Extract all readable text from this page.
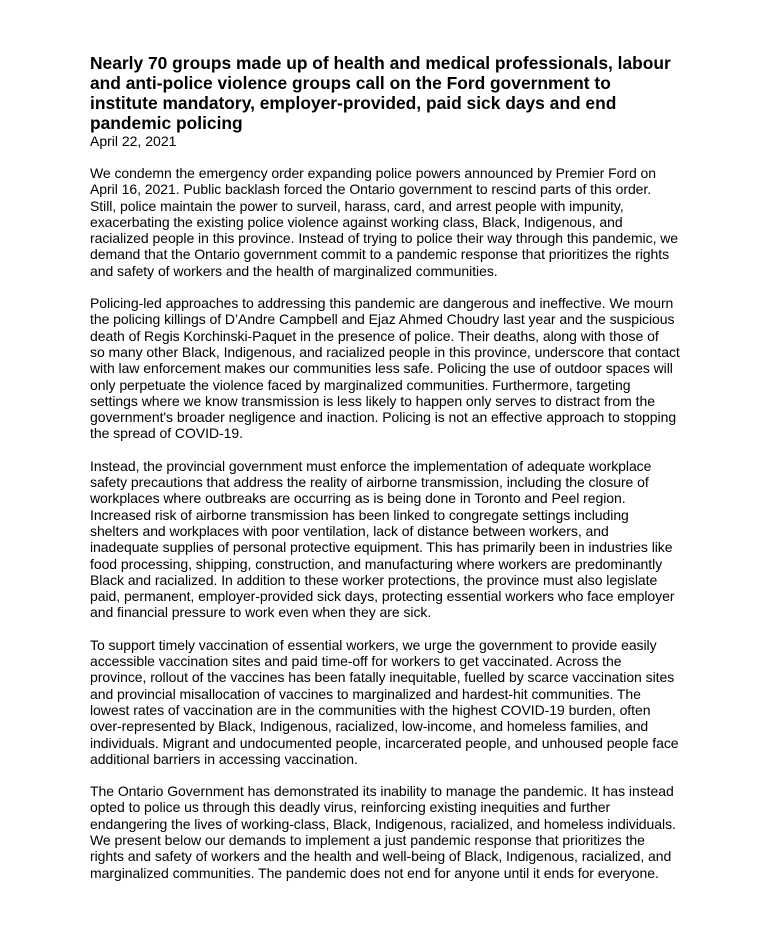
Nearly 70 groups made up of health and medical professionals, labour
and anti-police violence groups call on the Ford government to
institute mandatory, employer-provided, paid sick days and end
pandemic policing
April 22, 2021

We condemn the emergency order expanding police powers announced by Premier Ford on
April 16, 2021. Public backlash forced the Ontario government to rescind parts of this order.
Still, police maintain the power to surveil, harass, card, and arrest people with impunity,
exacerbating the existing police violence against working class, Black, Indigenous, and
racialized people in this province. Instead of trying to police their way through this pandemic, we
demand that the Ontario government commit to a pandemic response that prioritizes the rights
and safety of workers and the health of marginalized communities.

Policing-led approaches to addressing this pandemic are dangerous and ineffective. We mourn
the policing killings of D’Andre Campbell and Ejaz Ahmed Choudry last year and the suspicious
death of Regis Korchinski-Paquet in the presence of police. Their deaths, along with those of
so many other Black, Indigenous, and racialized people in this province, underscore that contact
with law enforcement makes our communities less safe. Policing the use of outdoor spaces will
only perpetuate the violence faced by marginalized communities. Furthermore, targeting
settings where we know transmission is less likely to happen only serves to distract from the
government's broader negligence and inaction. Policing is not an effective approach to stopping
the spread of COVID-19.

Instead, the provincial government must enforce the implementation of adequate workplace
safety precautions that address the reality of airborne transmission, including the closure of
workplaces where outbreaks are occurring as is being done in Toronto and Peel region.
Increased risk of airborne transmission has been linked to congregate settings including
shelters and workplaces with poor ventilation, lack of distance between workers, and
inadequate supplies of personal protective equipment. This has primarily been in industries like
food processing, shipping, construction, and manufacturing where workers are predominantly
Black and racialized. In addition to these worker protections, the province must also legislate
paid, permanent, employer-provided sick days, protecting essential workers who face employer
and financial pressure to work even when they are sick.

To support timely vaccination of essential workers, we urge the government to provide easily
accessible vaccination sites and paid time-off for workers to get vaccinated. Across the
province, rollout of the vaccines has been fatally inequitable, fuelled by scarce vaccination sites
and provincial misallocation of vaccines to marginalized and hardest-hit communities. The
lowest rates of vaccination are in the communities with the highest COVID-19 burden, often
over-represented by Black, Indigenous, racialized, low-income, and homeless families, and
individuals. Migrant and undocumented people, incarcerated people, and unhoused people face
additional barriers in accessing vaccination.

The Ontario Government has demonstrated its inability to manage the pandemic. It has instead
opted to police us through this deadly virus, reinforcing existing inequities and further
endangering the lives of working-class, Black, Indigenous, racialized, and homeless individuals.
We present below our demands to implement a just pandemic response that prioritizes the
rights and safety of workers and the health and well-being of Black, Indigenous, racialized, and
marginalized communities. The pandemic does not end for anyone until it ends for everyone.
